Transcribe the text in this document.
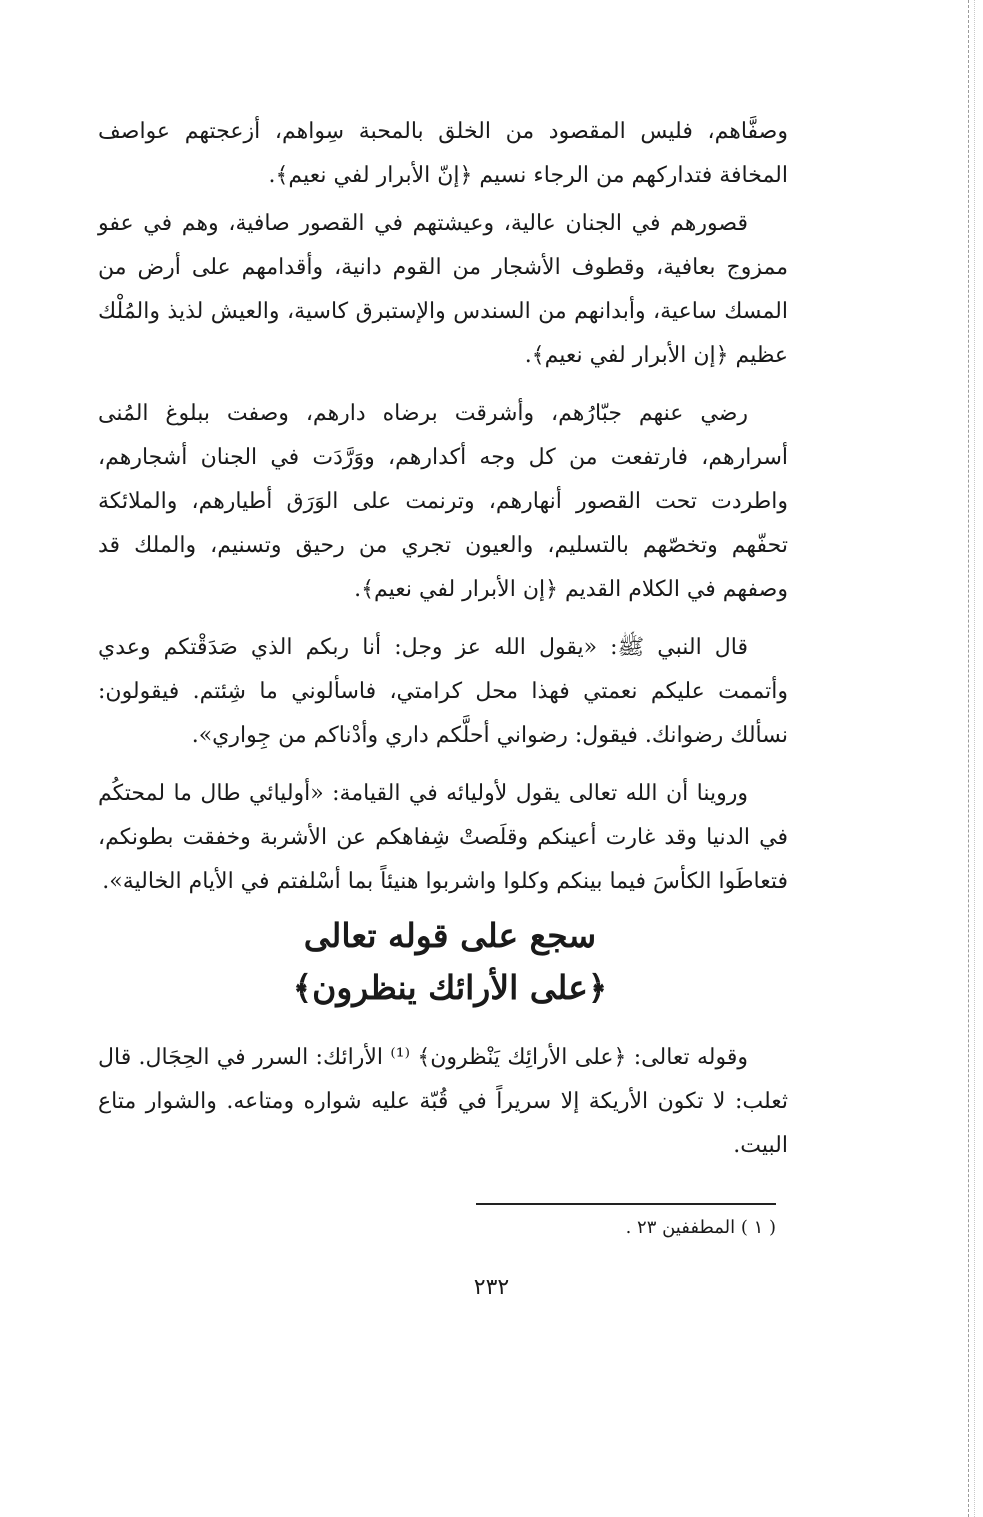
وصفَّاهم، فليس المقصود من الخلق بالمحبة سِواهم، أزعجتهم عواصف المخافة فتداركهم من الرجاء نسيم ﴿إنّ الأبرار لفي نعيم﴾.

قصورهم في الجنان عالية، وعيشتهم في القصور صافية، وهم في عفو ممزوج بعافية، وقطوف الأشجار من القوم دانية، وأقدامهم على أرض من المسك ساعية، وأبدانهم من السندس والإستبرق كاسية، والعيش لذيذ والمُلْك عظيم ﴿إن الأبرار لفي نعيم﴾.

رضي عنهم جبّارُهم، وأشرقت برضاه دارهم، وصفت ببلوغ المُنى أسرارهم، فارتفعت من كل وجه أكدارهم، ووَرَّدَت في الجنان أشجارهم، واطردت تحت القصور أنهارهم، وترنمت على الوَرَق أطيارهم، والملائكة تحفّهم وتخصّهم بالتسليم، والعيون تجري من رحيق وتسنيم، والملك قد وصفهم في الكلام القديم ﴿إن الأبرار لفي نعيم﴾.

قال النبي ﷺ: «يقول الله عز وجل: أنا ربكم الذي صَدَقْتكم وعدي وأتممت عليكم نعمتي فهذا محل كرامتي، فاسألوني ما شِئتم. فيقولون: نسألك رضوانك. فيقول: رضواني أحلَّكم داري وأدْناكم من جِواري».

وروينا أن الله تعالى يقول لأوليائه في القيامة: «أوليائي طال ما لمحتكُم في الدنيا وقد غارت أعينكم وقلَصتْ شِفاهكم عن الأشربة وخفقت بطونكم، فتعاطَوا الكأسَ فيما بينكم وكلوا واشربوا هنيئاً بما أسْلفتم في الأيام الخالية».

سجع على قوله تعالى
﴿على الأرائك ينظرون﴾

وقوله تعالى: ﴿على الأرائِك يَنْظرون﴾ ⁽¹⁾ الأرائك: السرر في الحِجَال. قال ثعلب: لا تكون الأريكة إلا سريراً في قُبّة عليه شواره ومتاعه. والشوار متاع البيت.

( ١ ) المطففين ٢٣ .

٢٣٢
